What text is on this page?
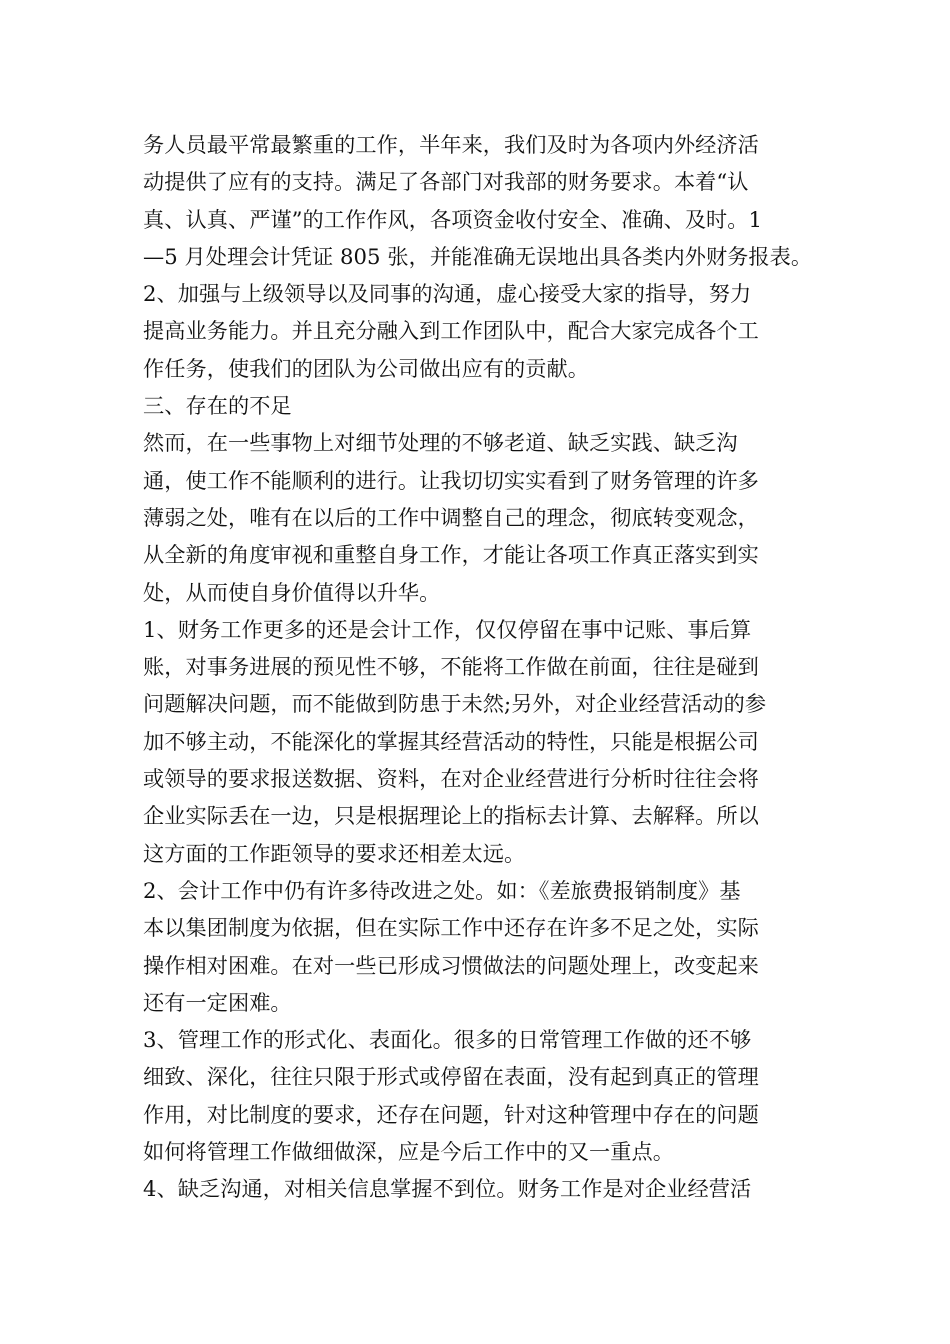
务人员最平常最繁重的工作，半年来，我们及时为各项内外经济活
动提供了应有的支持。满足了各部门对我部的财务要求。本着“认
真、认真、严谨”的工作作风，各项资金收付安全、准确、及时。1
—5 月处理会计凭证 805 张，并能准确无误地出具各类内外财务报表。
2、加强与上级领导以及同事的沟通，虚心接受大家的指导，努力
提高业务能力。并且充分融入到工作团队中，配合大家完成各个工
作任务，使我们的团队为公司做出应有的贡献。
三、存在的不足
然而，在一些事物上对细节处理的不够老道、缺乏实践、缺乏沟
通，使工作不能顺利的进行。让我切切实实看到了财务管理的许多
薄弱之处，唯有在以后的工作中调整自己的理念，彻底转变观念，
从全新的角度审视和重整自身工作，才能让各项工作真正落实到实
处，从而使自身价值得以升华。
1、财务工作更多的还是会计工作，仅仅停留在事中记账、事后算
账，对事务进展的预见性不够，不能将工作做在前面，往往是碰到
问题解决问题，而不能做到防患于未然;另外，对企业经营活动的参
加不够主动，不能深化的掌握其经营活动的特性，只能是根据公司
或领导的要求报送数据、资料，在对企业经营进行分析时往往会将
企业实际丢在一边，只是根据理论上的指标去计算、去解释。所以
这方面的工作距领导的要求还相差太远。
2、会计工作中仍有许多待改进之处。如：《差旅费报销制度》基
本以集团制度为依据，但在实际工作中还存在许多不足之处，实际
操作相对困难。在对一些已形成习惯做法的问题处理上，改变起来
还有一定困难。
3、管理工作的形式化、表面化。很多的日常管理工作做的还不够
细致、深化，往往只限于形式或停留在表面，没有起到真正的管理
作用，对比制度的要求，还存在问题，针对这种管理中存在的问题
如何将管理工作做细做深，应是今后工作中的又一重点。
4、缺乏沟通，对相关信息掌握不到位。财务工作是对企业经营活
